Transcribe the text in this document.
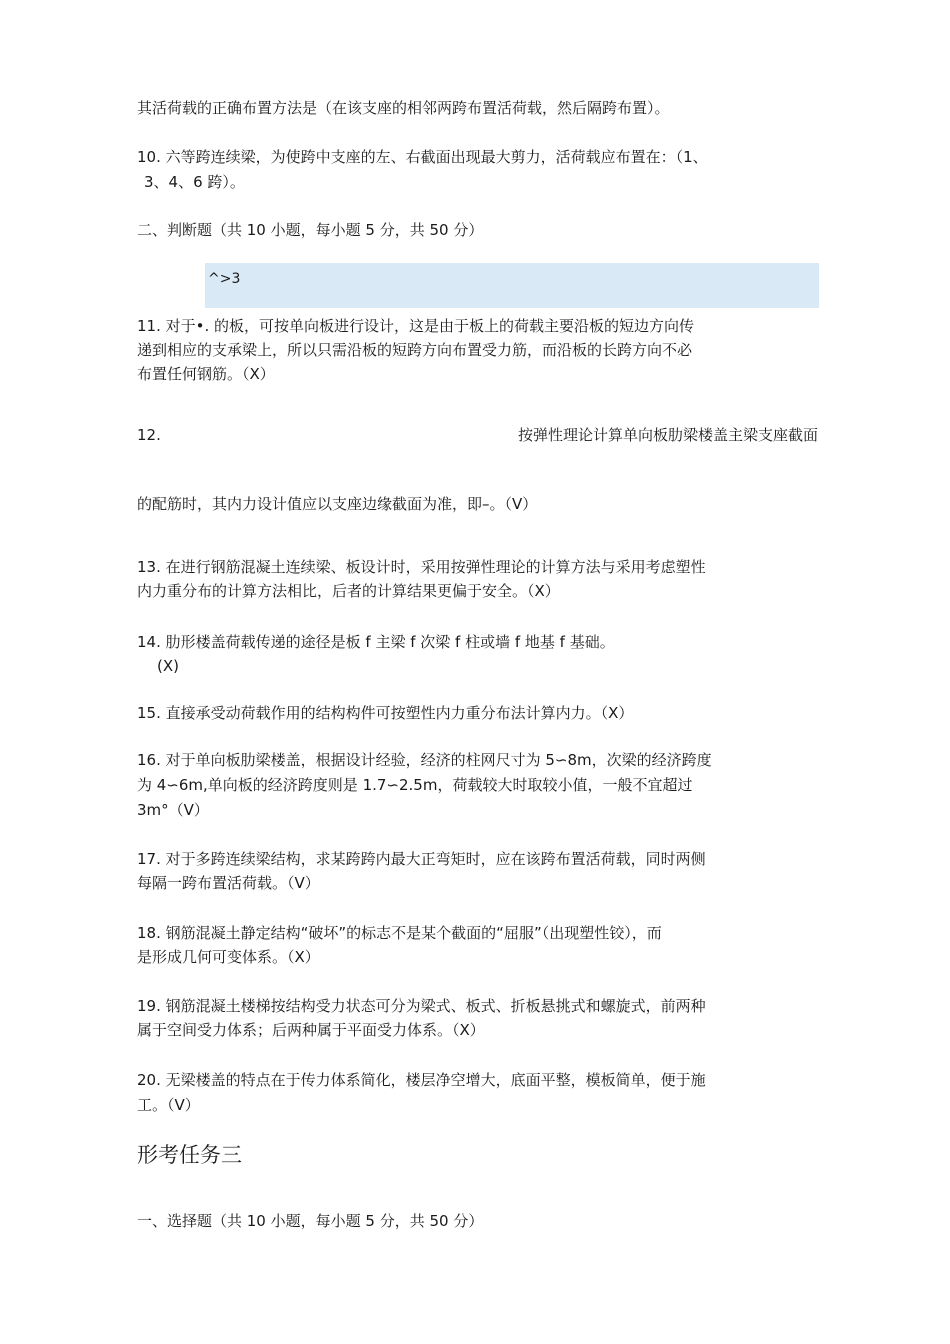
其活荷载的正确布置方法是（在该支座的相邻两跨布置活荷载，然后隔跨布置）。

10. 六等跨连续梁，为使跨中支座的左、右截面出现最大剪力，活荷载应布置在：（1、

3、4、6 跨）。

二、判断题（共 10 小题，每小题 5 分，共 50 分）

^>3

11. 对于•. 的板，可按单向板进行设计，这是由于板上的荷载主要沿板的短边方向传

递到相应的支承梁上，所以只需沿板的短跨方向布置受力筋，而沿板的长跨方向不必

布置任何钢筋。（X）

12.	按弹性理论计算单向板肋梁楼盖主梁支座截面

的配筋时，其内力设计值应以支座边缘截面为准，即–。（V）

13. 在进行钢筋混凝土连续梁、板设计时，采用按弹性理论的计算方法与采用考虑塑性

内力重分布的计算方法相比，后者的计算结果更偏于安全。（X）

14. 肋形楼盖荷载传递的途径是板 f 主梁 f 次梁 f 柱或墙 f 地基 f 基础。

(X)

15. 直接承受动荷载作用的结构构件可按塑性内力重分布法计算内力。（X）

16. 对于单向板肋梁楼盖，根据设计经验，经济的柱网尺寸为 5∽8m，次梁的经济跨度

为 4∽6m,单向板的经济跨度则是 1.7∽2.5m，荷载较大时取较小值，一般不宜超过

3m°（V）

17. 对于多跨连续梁结构，求某跨跨内最大正弯矩时，应在该跨布置活荷载，同时两侧

每隔一跨布置活荷载。（V）

18. 钢筋混凝土静定结构“破坏”的标志不是某个截面的“屈服”（出现塑性铰），而

是形成几何可变体系。（X）

19. 钢筋混凝土楼梯按结构受力状态可分为梁式、板式、折板悬挑式和螺旋式，前两种

属于空间受力体系；后两种属于平面受力体系。（X）

20. 无梁楼盖的特点在于传力体系简化，楼层净空增大，底面平整，模板简单，便于施

工。（V）

形考任务三

一、选择题（共 10 小题，每小题 5 分，共 50 分）
